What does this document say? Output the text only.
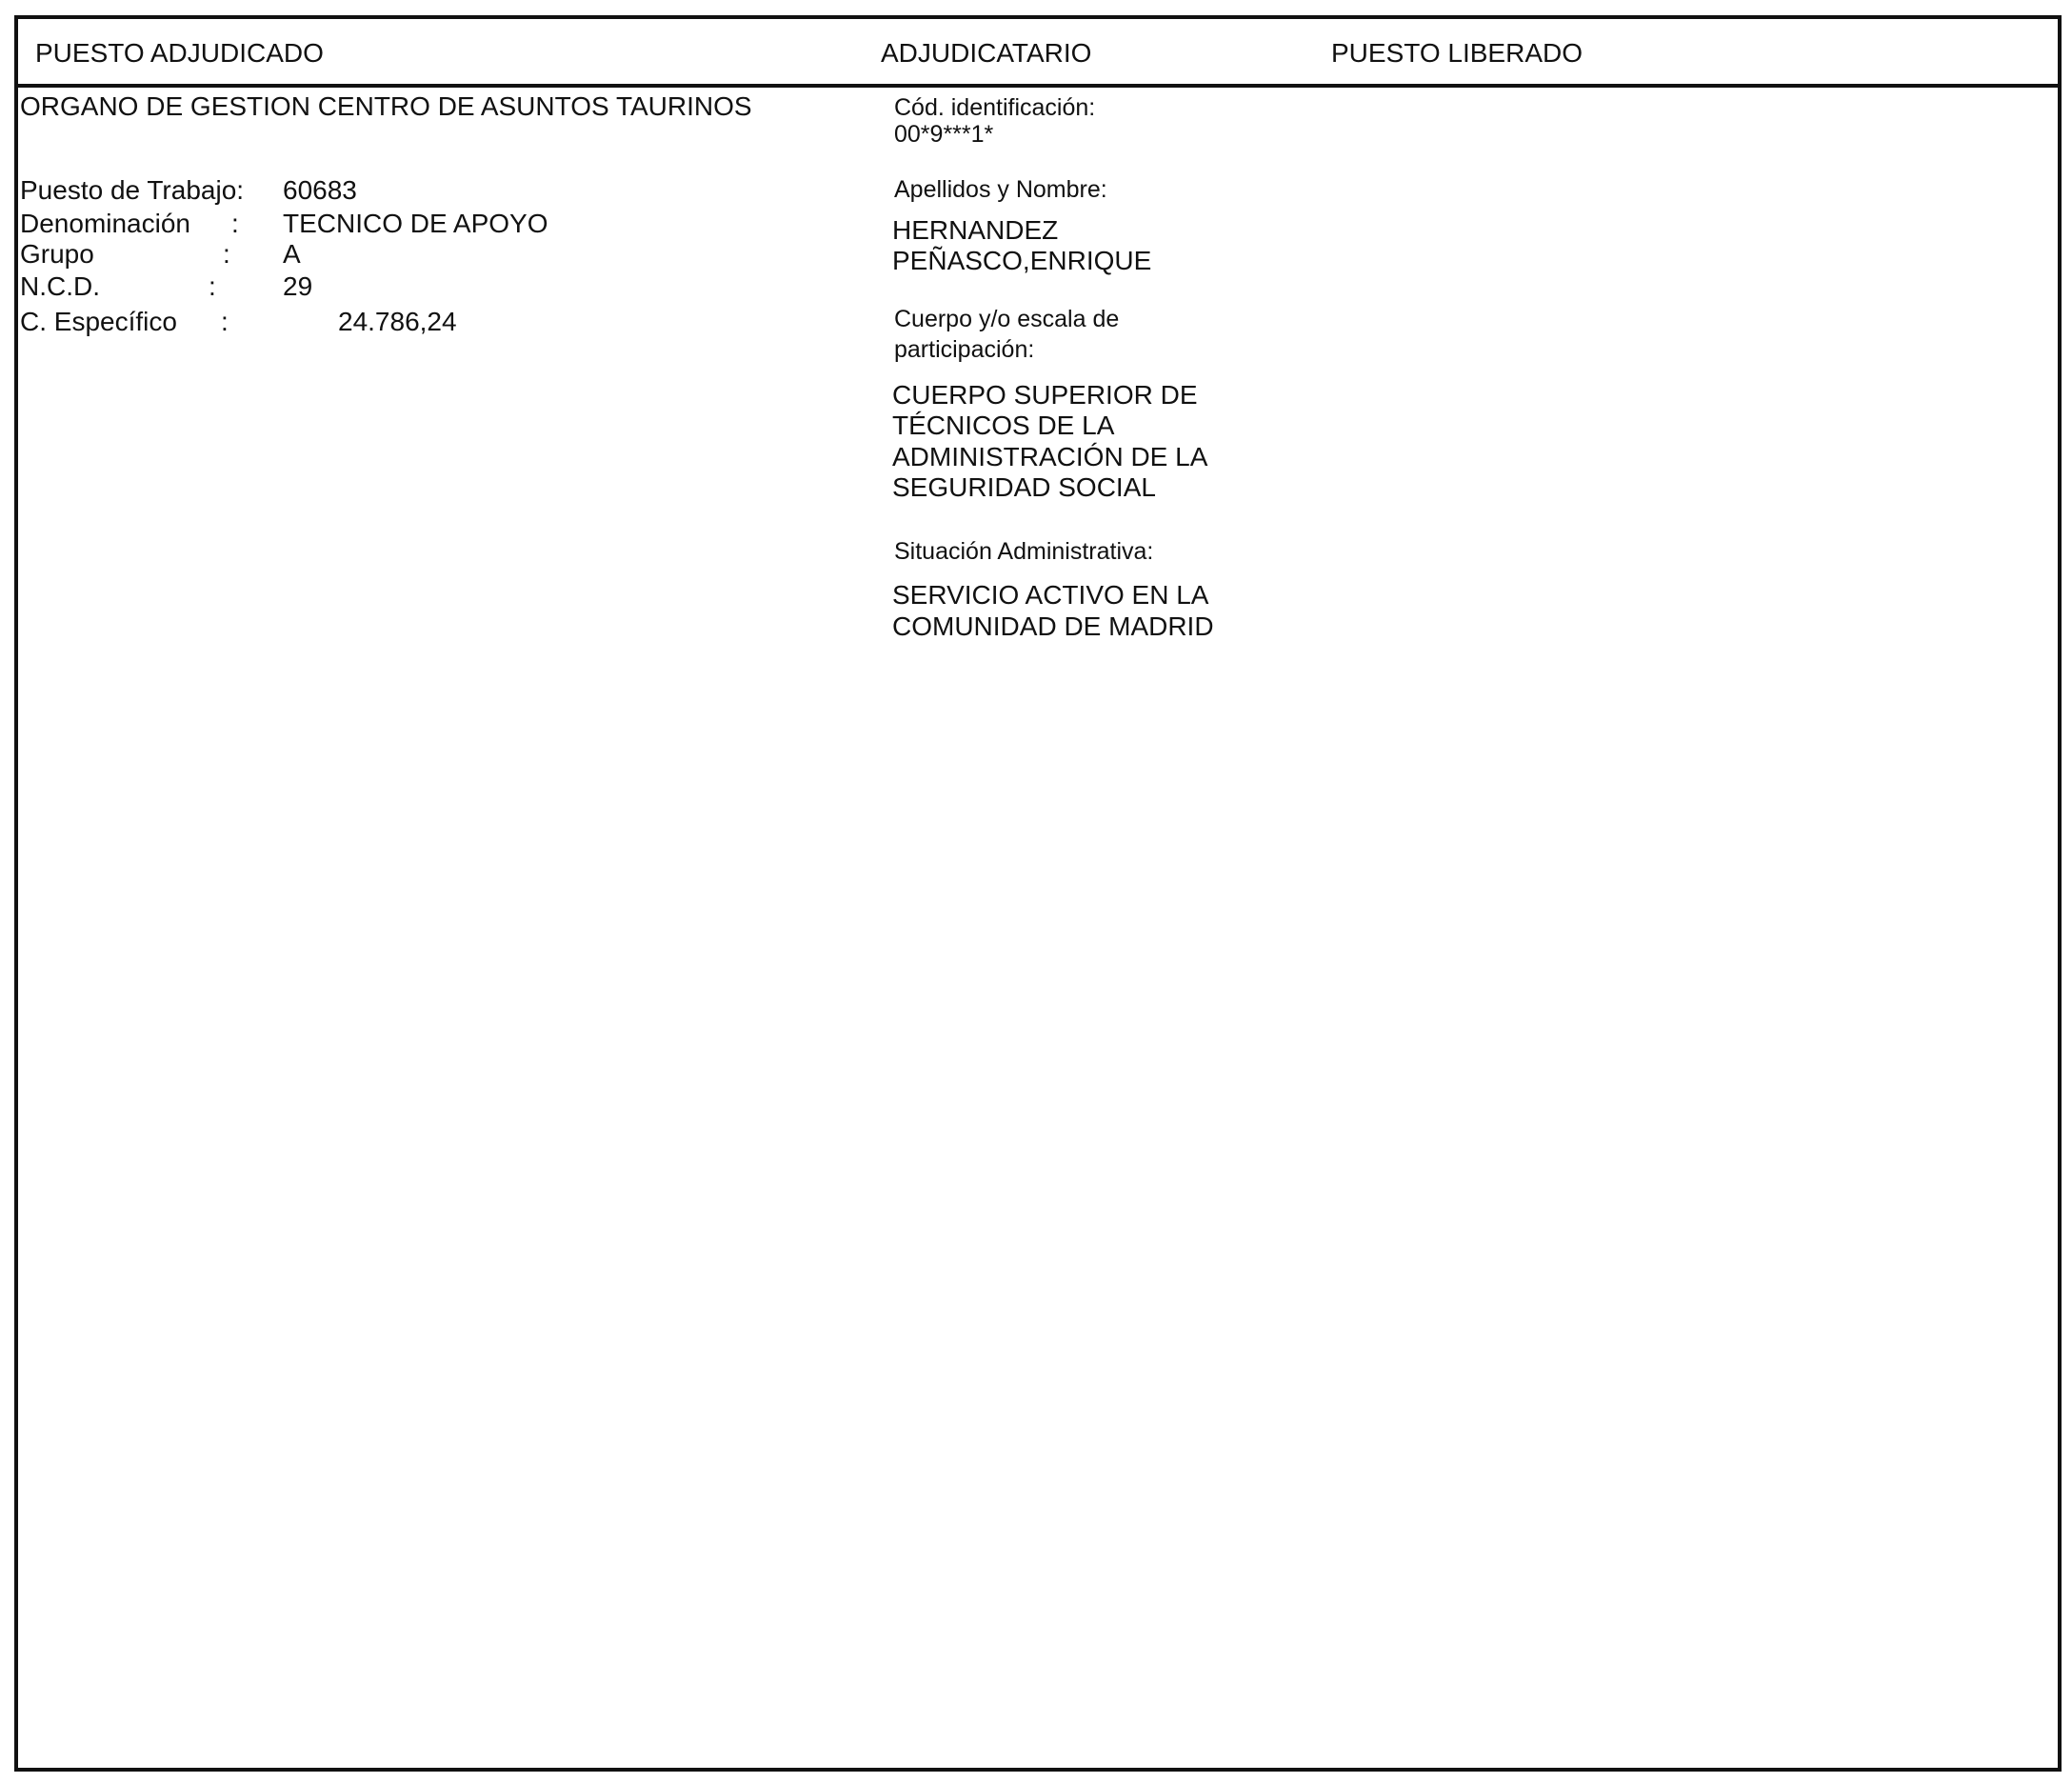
PUESTO ADJUDICADO	ADJUDICATARIO	PUESTO LIBERADO
ORGANO DE GESTION CENTRO DE ASUNTOS TAURINOS
Puesto de Trabajo: 60683
Denominación : TECNICO DE APOYO
Grupo	: A
N.C.D.	:	29
C. Específico :	24.786,24
Cód. identificación:
00*9***1*
Apellidos y Nombre:
HERNANDEZ
PEÑASCO,ENRIQUE
Cuerpo y/o escala de
participación:
CUERPO SUPERIOR DE
TÉCNICOS DE LA
ADMINISTRACIÓN DE LA
SEGURIDAD SOCIAL
Situación Administrativa:
SERVICIO ACTIVO EN LA
COMUNIDAD DE MADRID
